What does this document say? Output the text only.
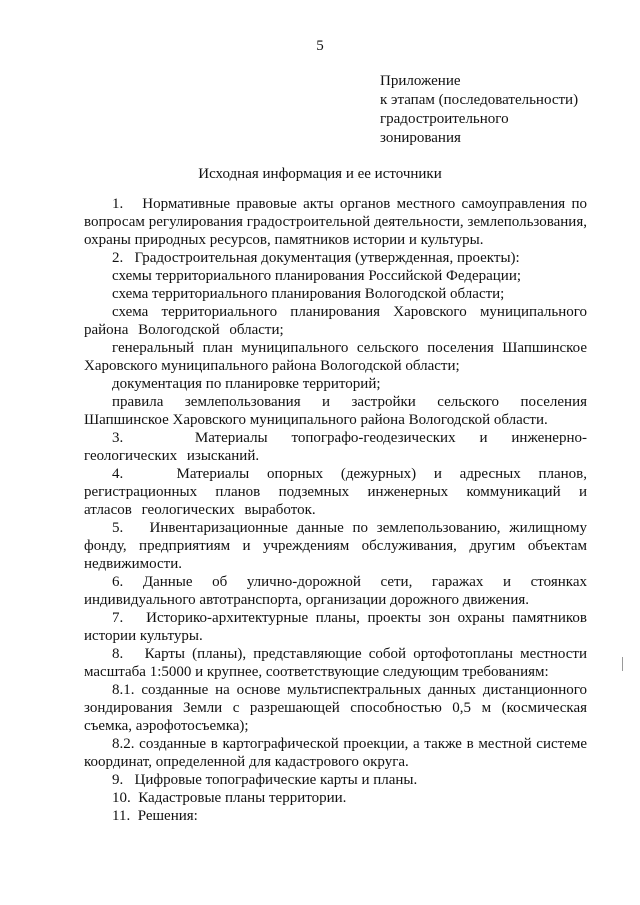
5
Приложение
к этапам (последовательности)
градостроительного
зонирования
Исходная информация и ее источники

1.   Нормативные правовые акты органов местного самоуправления по вопросам регулирования градостроительной деятельности, землепользования, охраны природных ресурсов, памятников истории и культуры.

2.   Градостроительная документация (утвержденная, проекты):

схемы территориального планирования Российской Федерации;

схема территориального планирования Вологодской области;

схема территориального планирования Харовского муниципального района Вологодской области;

генеральный план муниципального сельского поселения Шапшинское Харовского муниципального района Вологодской области;

документация по планировке территорий;

правила землепользования и застройки сельского поселения Шапшинское Харовского муниципального района Вологодской области.

3.   Материалы топографо-геодезических и инженерно-геологических изысканий.

4.   Материалы опорных (дежурных) и адресных планов, регистрационных планов подземных инженерных коммуникаций и атласов геологических выработок.

5.   Инвентаризационные данные по землепользованию, жилищному фонду, предприятиям и учреждениям обслуживания, другим объектам недвижимости.

6. Данные об улично-дорожной сети, гаражах и стоянках индивидуального автотранспорта, организации дорожного движения.

7.   Историко-архитектурные планы, проекты зон охраны памятников истории культуры.

8.   Карты (планы), представляющие собой ортофотопланы местности масштаба 1:5000 и крупнее, соответствующие следующим требованиям:

8.1. созданные на основе мультиспектральных данных дистанционного зондирования Земли с разрешающей способностью 0,5 м (космическая съемка, аэрофотосъемка);

8.2. созданные в картографической проекции, а также в местной системе координат, определенной для кадастрового округа.

9.   Цифровые топографические карты и планы.

10.  Кадастровые планы территории.

11.  Решения:
